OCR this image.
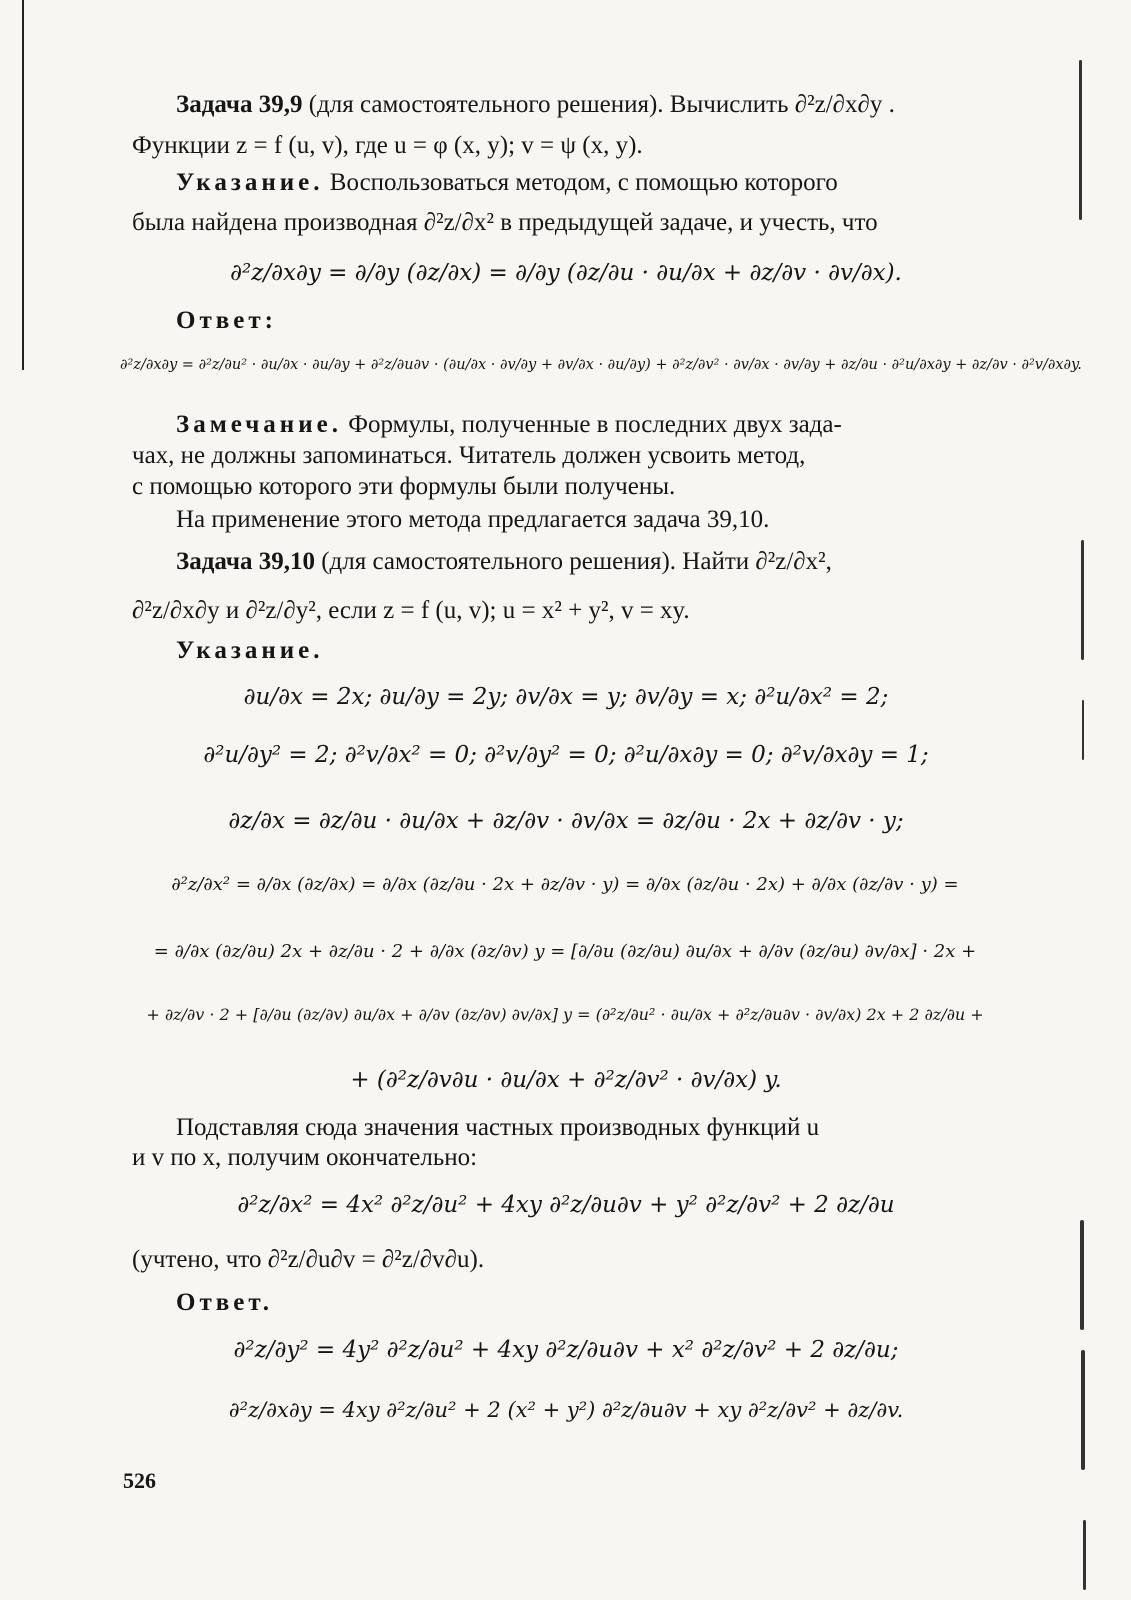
Задача 39,9 (для самостоятельного решения). Вычислить ∂²z/∂x∂y .
Функции z = f (u, v), где u = φ (x, y); v = ψ (x, y).
Указание. Воспользоваться методом, с помощью которого
была найдена производная ∂²z/∂x² в предыдущей задаче, и учесть, что
∂²z/∂x∂y = ∂/∂y (∂z/∂x) = ∂/∂y (∂z/∂u · ∂u/∂x + ∂z/∂v · ∂v/∂x).
Ответ:
∂²z/∂x∂y = ∂²z/∂u² · ∂u/∂x · ∂u/∂y + ∂²z/∂u∂v · (∂u/∂x · ∂v/∂y + ∂v/∂x · ∂u/∂y) + ∂²z/∂v² · ∂v/∂x · ∂v/∂y + ∂z/∂u · ∂²u/∂x∂y + ∂z/∂v · ∂²v/∂x∂y.
Замечание. Формулы, полученные в последних двух зада-
чах, не должны запоминаться. Читатель должен усвоить метод,
с помощью которого эти формулы были получены.
На применение этого метода предлагается задача 39,10.
Задача 39,10 (для самостоятельного решения). Найти ∂²z/∂x²,
∂²z/∂x∂y и ∂²z/∂y², если z = f (u, v); u = x² + y², v = xy.
Указание.
∂u/∂x = 2x; ∂u/∂y = 2y; ∂v/∂x = y; ∂v/∂y = x; ∂²u/∂x² = 2;
∂²u/∂y² = 2; ∂²v/∂x² = 0; ∂²v/∂y² = 0; ∂²u/∂x∂y = 0; ∂²v/∂x∂y = 1;
∂z/∂x = ∂z/∂u · ∂u/∂x + ∂z/∂v · ∂v/∂x = ∂z/∂u · 2x + ∂z/∂v · y;
∂²z/∂x² = ∂/∂x (∂z/∂x) = ∂/∂x (∂z/∂u · 2x + ∂z/∂v · y) = ∂/∂x (∂z/∂u · 2x) + ∂/∂x (∂z/∂v · y) =
= ∂/∂x (∂z/∂u) 2x + ∂z/∂u · 2 + ∂/∂x (∂z/∂v) y = [∂/∂u (∂z/∂u) ∂u/∂x + ∂/∂v (∂z/∂u) ∂v/∂x] · 2x +
+ ∂z/∂v · 2 + [∂/∂u (∂z/∂v) ∂u/∂x + ∂/∂v (∂z/∂v) ∂v/∂x] y = (∂²z/∂u² · ∂u/∂x + ∂²z/∂u∂v · ∂v/∂x) 2x + 2 ∂z/∂u +
+ (∂²z/∂v∂u · ∂u/∂x + ∂²z/∂v² · ∂v/∂x) y.
Подставляя сюда значения частных производных функций u
и v по x, получим окончательно:
∂²z/∂x² = 4x² ∂²z/∂u² + 4xy ∂²z/∂u∂v + y² ∂²z/∂v² + 2 ∂z/∂u
(учтено, что ∂²z/∂u∂v = ∂²z/∂v∂u).
Ответ.
∂²z/∂y² = 4y² ∂²z/∂u² + 4xy ∂²z/∂u∂v + x² ∂²z/∂v² + 2 ∂z/∂u;
∂²z/∂x∂y = 4xy ∂²z/∂u² + 2 (x² + y²) ∂²z/∂u∂v + xy ∂²z/∂v² + ∂z/∂v.
526
